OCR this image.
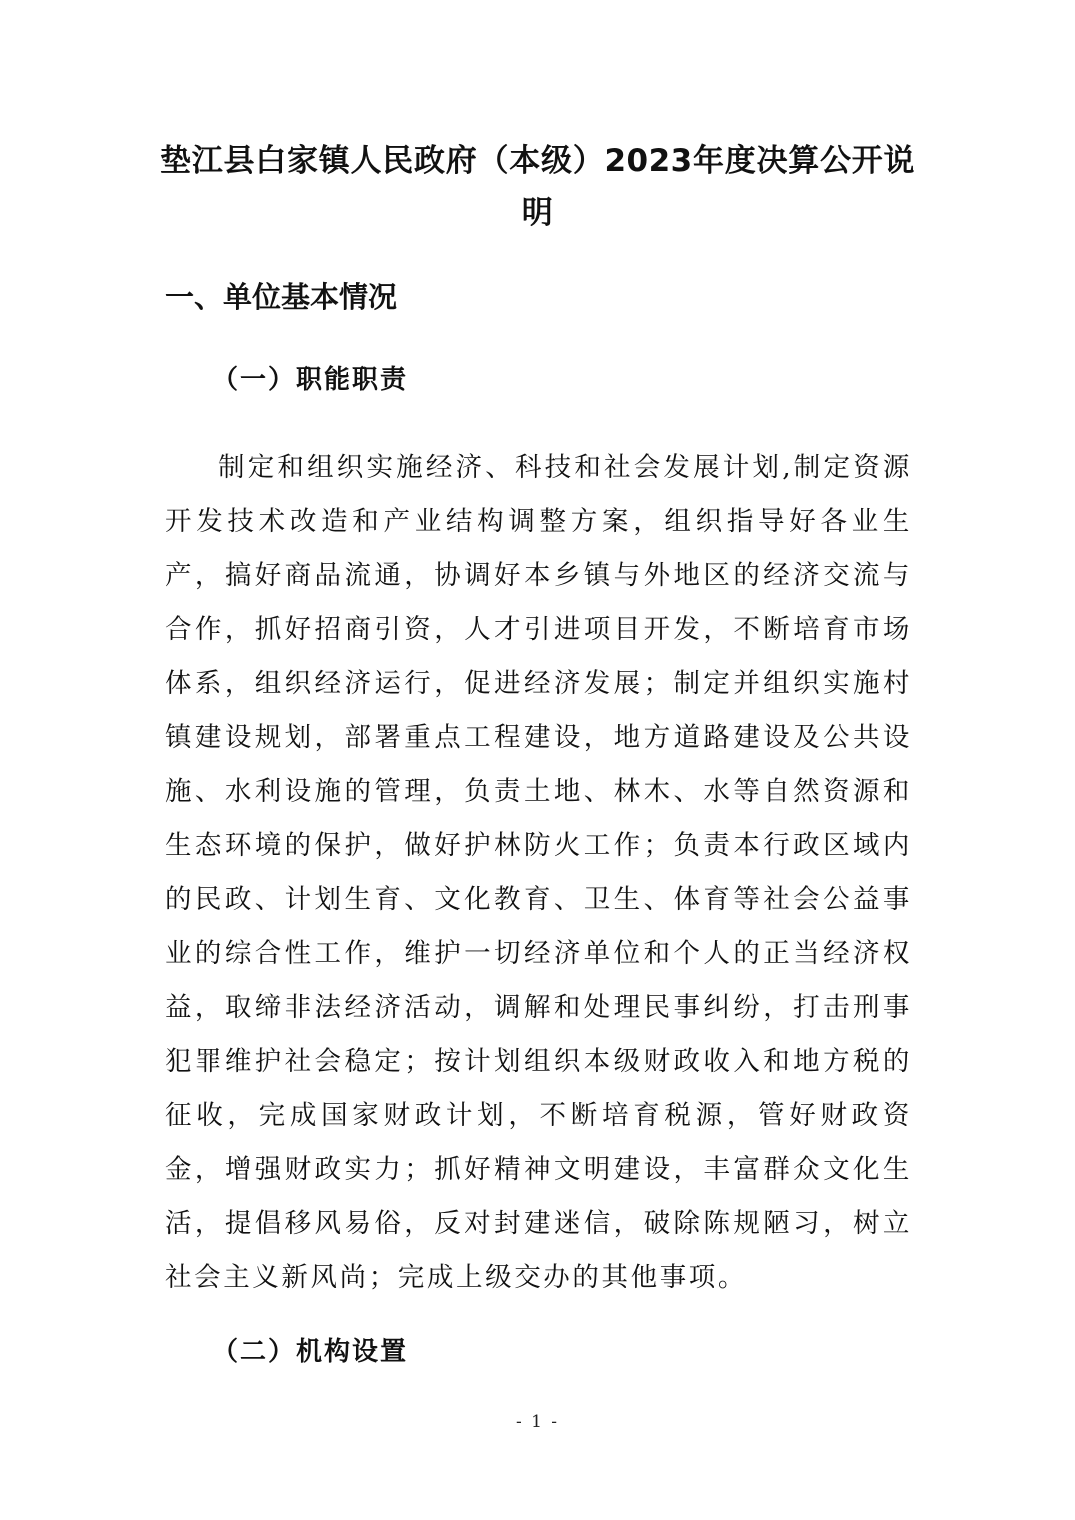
垫江县白家镇人民政府（本级）2023年度决算公开说明
一、单位基本情况
（一）职能职责

制定和组织实施经济、科技和社会发展计划,制定资源开发技术改造和产业结构调整方案，组织指导好各业生产，搞好商品流通，协调好本乡镇与外地区的经济交流与合作，抓好招商引资，人才引进项目开发，不断培育市场体系，组织经济运行，促进经济发展；制定并组织实施村镇建设规划，部署重点工程建设，地方道路建设及公共设施、水利设施的管理，负责土地、林木、水等自然资源和生态环境的保护，做好护林防火工作；负责本行政区域内的民政、计划生育、文化教育、卫生、体育等社会公益事业的综合性工作，维护一切经济单位和个人的正当经济权益，取缔非法经济活动，调解和处理民事纠纷，打击刑事犯罪维护社会稳定；按计划组织本级财政收入和地方税的征收，完成国家财政计划，不断培育税源，管好财政资金，增强财政实力；抓好精神文明建设，丰富群众文化生活，提倡移风易俗，反对封建迷信，破除陈规陋习，树立社会主义新风尚；完成上级交办的其他事项。

（二）机构设置
- 1 -
